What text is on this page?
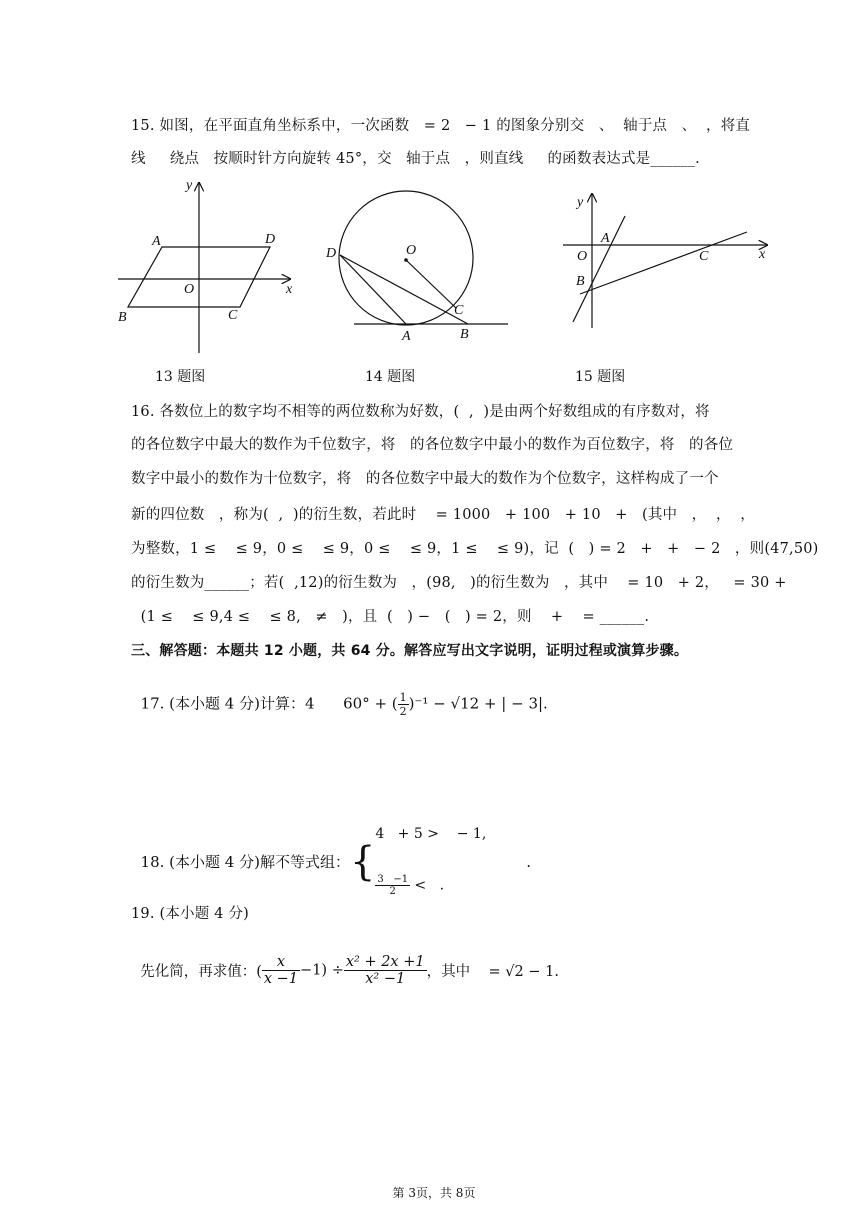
15. 如图，在平面直角坐标系中，一次函数   = 2   − 1 的图象分别交   、  轴于点   、  ，将直
线     绕点   按顺时针方向旋转 45°，交   轴于点   ，则直线     的函数表达式是______.
y
A	D
O	x
B	C
13 题图
D	O
C
A	B
14 题图
y
A
O	C	x
B
15 题图
16. 各数位上的数字均不相等的两位数称为好数，(  ,  )是由两个好数组成的有序数对，将
的各位数字中最大的数作为千位数字，将   的各位数字中最小的数作为百位数字，将   的各位
数字中最小的数作为十位数字，将   的各位数字中最大的数作为个位数字，这样构成了一个
新的四位数   ，称为(  ,  )的衍生数，若此时    = 1000   + 100   + 10   +   (其中   ，  ，  ，
为整数，1 ≤    ≤ 9，0 ≤    ≤ 9，0 ≤    ≤ 9，1 ≤    ≤ 9)，记  (   ) = 2   +   +   − 2   ，则(47,50)
的衍生数为______；若(  ,12)的衍生数为   ，(98,   )的衍生数为   ，其中    = 10   + 2，   = 30 +
(1 ≤    ≤ 9,4 ≤    ≤ 8,   ≠   )，且  (   ) −   (   ) = 2，则    +    = ______.
三、解答题：本题共 12 小题，共 64 分。解答应写出文字说明，证明过程或演算步骤。

17. (本小题 4 分)计算：4      60° + ( $\frac{1}{2} )^{-1} - √12$ + | − 3|.

18. (本小题 4 分)解不等式组：{

4   + 5 >    − 1,

$\frac{3 -1}{2}$ <   .

.

19. (本小题 4 分)

先化简，再求值：( $\frac{x}{x -1} -1) \div \frac{\text{x² + 2x +1}}{\text{x² −1}}$ ，其中    = √2 − 1.

第 3页，共 8页
